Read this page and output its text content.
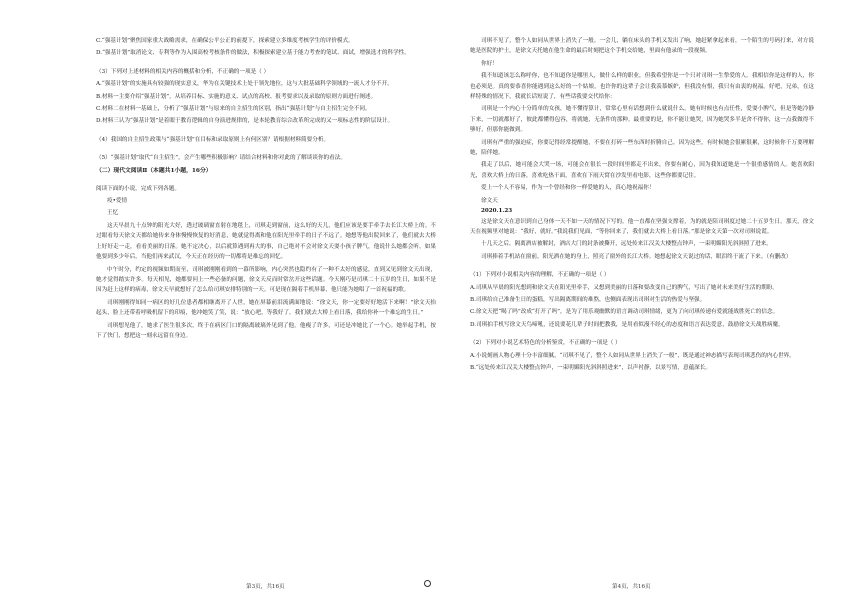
C.“强基计划”聚焦国家重大战略需求，在确保公平公正的前提下，探索建立多维度考核学生的评价模式。

D.“强基计划”取消论文、专利等作为入围高校考核条件的做法，积极探索建立基于能力考查的笔试、面试，增强选才的科学性。

（3）下列对上述材料的相关内容的概括和分析，不正确的一项是（ ）

A.“强基计划”的实施具有较强的现实意义，华为在关键技术上处于领先地位，这与大批基础科学领域的一流人才分不开。

B.材料一主要介绍“强基计划”，从培养目标、实施的意义、试点的高校、报考要求以及录取的原则方面进行阐述。

C.材料二在材料一基础上，分析了“强基计划”与原来的自主招生的区别，指出“强基计划”与自主招生完全不同。

D.材料三认为“强基计划”是着眼于教育逻辑的自身演进规律的，是本轮教育综合改革所完成的又一项标志性的阶层设计。

（4）我国的自主招生政策与“强基计划”在目标和录取原则上有何区别？请根据材料简要分析。

（5）“强基计划”取代“自主招生”，会产生哪些积极影响？请结合材料和你对此的了解谈谈你的看法。

（二）现代文阅读Ⅱ（本题共1小题，16分）

阅读下面的小说，完成下列各题。

疫•爱情

王忆

这天早晨九十点钟的阳光大好，透过玻璃窗直射在地毯上，司琪走到窗前，这么好的天儿，他们应该是要手牵手去长江大桥上的。不过眼看每天徐文天都给她传来身体慢慢恢复的好消息，她就觉得离和他在阳光里牵手的日子不远了。她想等他出院回来了，他们就去大桥上好好走一走，看看美丽的日落。她不定决心，以后就算遇到再大的事，自己绝对不会对徐文天耍小孩子脾气，他说什么她都会听。如果他要到多少年后，当他们再来武汉，今天正在经历的一切都将是难忘的回忆。

中午时分，约定的视频如期而至，司琪被刚刚看到的一幕所影响，内心突然也隐约有了一种不太好的感觉，直到又见到徐文天出现，她才觉得踏实许多。每天相见，她都要问上一些必备的问题，徐文天反而时常岔开这些话题。今天刚巧是司琪二十五岁的生日，如果不是因为赶上这样的病毒，徐文天早就想好了怎么给司琪安排特别的一天。可是现在隔着手机屏幕，他只能为她唱了一首祝福的歌。

司琪刚刚得知同一病区的好几位患者都相继离开了人世，她在屏幕前泪流满面地说：“徐文天，你一定要好好地活下来啊！”徐文天抬起头，脸上还带着呼吸机留下的印痕，他冲她笑了笑，说：“放心吧，等我好了，我们就去大桥上看日落，我给你补一个难忘的生日。”

司琪想见他了，她求了医生很多次，终于在病区门口的隔离玻璃外见到了他。他瘦了许多，可还是冲她比了一个心。她举起手机，按下了快门，想把这一刻永远留在身边。

司琪不见了，整个人如同从世界上消失了一般。一会儿，躺在床头的手机又发出了响，她赶紧拿起来看，一个陌生的号码打来，对方说她是医院的护士，是徐文天托她在他生命的最后时刻把这个手机交给她，里面有他录的一段视频。

你好！

我不知道该怎么称呼你，也不知道你是哪里人，做什么样的职业，但我希望你是一个只对司琪一生挚爱的人。我相信你是这样的人，你也必须是。真的要恭喜你能遇到这么好的一个姑娘，也许你的这辈子会让我羡慕嫉妒，但我没有恨，我只有由衷的祝福。好吧，兄弟，在这样特殊的情况下，我就长话短说了，有些话我要交代给你：

司琪是一个内心十分简单的女孩，她不懂得算计，常常心里有话想到什么就说什么。她有时候也有点任性，爱耍小脾气，但是等她冷静下来，一切就都好了，彼此都懂得包容，将就她，无条件的那种。最重要的是，你不能让她哭，因为她哭多半是舍不得你，这一点我做得不够好，但那你能做到。

司琪有严重的强迫症，你要记得经常提醒她，不要在打碎一些东西时折腾自己。因为这些，有时候她会很累很累，这时候你千万要理解她，陪伴她。

我走了以后，她可能会大哭一场，可能会在很长一段时间里都走不出来，你要有耐心，因为我知道她是一个很重感情的人。她喜欢阳光，喜欢大桥上的日落，喜欢吃热干面，喜欢在下雨天窝在沙发里看电影，这些你都要记住。

爱上一个人不容易，作为一个曾经和你一样爱她的人，真心地祝福你！

徐文天

2020.1.23

这是徐文天在意识到自己身体一天不如一天的情况下写的。他一直都在坚强支撑着，为的就是陪司琪度过她二十五岁生日。那天，徐文天在视频里对她说：“我好，就好。”我说我们见面，“等你回来了，我们就去大桥上看日落。”那是徐文天第一次对司琪说谎。

十几天之后，隔离酒店被解封，酒店大门的封条被撕开，远处传来江汉关大楼整点钟声，一束明媚阳光斜斜照了进来。

司琪捧着手机站在窗前，阳光洒在她的身上，照亮了窗外的长江大桥。她想起徐文天说过的话，眼泪终于流了下来。（有删改）

（1）下列对小说相关内容的理解，不正确的一项是（ ）

A.司琪从早晨的阳光想到和徐文天在阳光里牵手，又想到美丽的日落和要改变自己的脾气，写出了她对未来美好生活的期盼。

B.司琪给自己准备生日的蛋糕，写出隔离期间的难熬，也侧面表现出司琪对生活的热爱与坚强。

C.徐文天把“喝了吗”改成“打开了吗”，是为了用乐观幽默的语言调动司琪情绪，更为了向司琪传递有爱就能战胜死亡的信念。

D.司琪拍手机写徐文天鸟啼吼，还说要花几辈子时间把教我，是用看似漫不经心的态度和语言表达爱意，鼓励徐文天战胜病魔。

（2）下列对小说艺术特色的分析鉴赏，不正确的一项是（ ）

A.小说刻画人物心理十分丰富细腻，“司琪不见了，整个人如同从世界上消失了一般”，既是通过神态描写表现司琪悲伤的内心世界。

B.“远处传来江汉关大楼整点钟声，一束明媚阳光斜斜照进来”，以声衬静，以景写情，意蕴深长。

第3页，共16页	第4页，共16页
